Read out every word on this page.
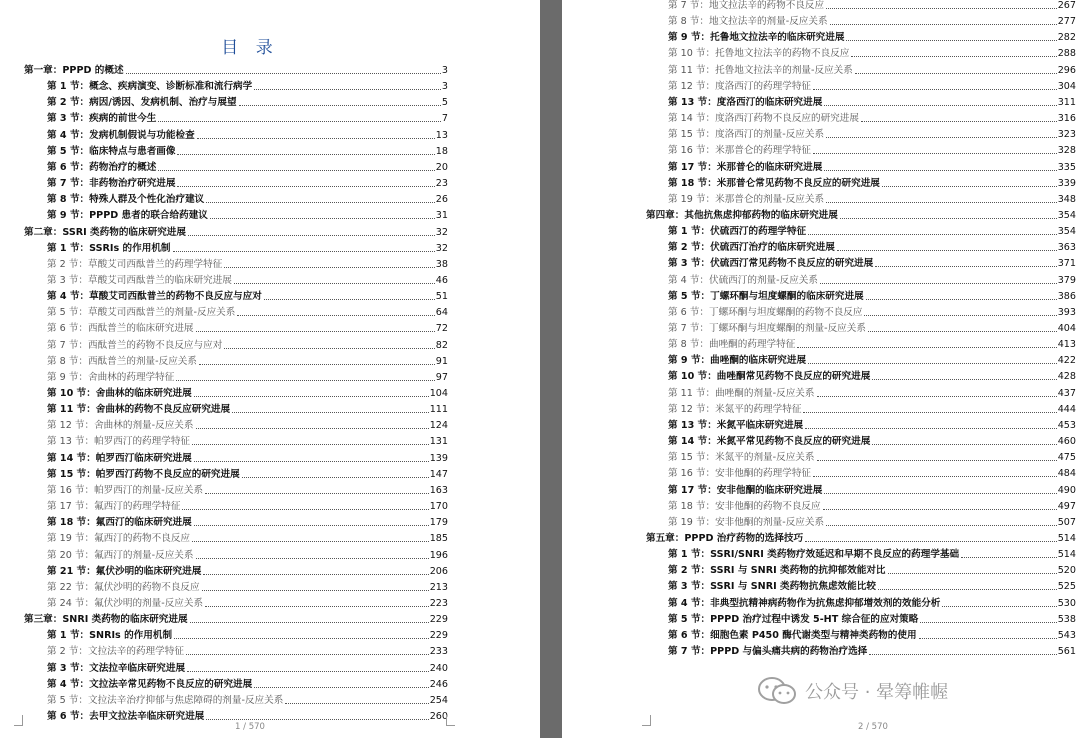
目 录
第一章：PPPD 的概述	3
第 1 节：概念、疾病演变、诊断标准和流行病学	3
第 2 节：病因/诱因、发病机制、治疗与展望	5
第 3 节：疾病的前世今生	7
第 4 节：发病机制假说与功能检查	13
第 5 节：临床特点与患者画像	18
第 6 节：药物治疗的概述	20
第 7 节：非药物治疗研究进展	23
第 8 节：特殊人群及个性化治疗建议	26
第 9 节：PPPD 患者的联合给药建议	31
第二章：SSRI 类药物的临床研究进展	32
第 1 节：SSRIs 的作用机制	32
第 2 节：草酸艾司西酞普兰的药理学特征	38
第 3 节：草酸艾司西酞普兰的临床研究进展	46
第 4 节：草酸艾司西酞普兰的药物不良反应与应对	51
第 5 节：草酸艾司西酞普兰的剂量-反应关系	64
第 6 节：西酞普兰的临床研究进展	72
第 7 节：西酞普兰的药物不良反应与应对	82
第 8 节：西酞普兰的剂量-反应关系	91
第 9 节：舍曲林的药理学特征	97
第 10 节：舍曲林的临床研究进展	104
第 11 节：舍曲林的药物不良反应研究进展	111
第 12 节：舍曲林的剂量-反应关系	124
第 13 节：帕罗西汀的药理学特征	131
第 14 节：帕罗西汀临床研究进展	139
第 15 节：帕罗西汀药物不良反应的研究进展	147
第 16 节：帕罗西汀的剂量-反应关系	163
第 17 节：氟西汀的药理学特征	170
第 18 节：氟西汀的临床研究进展	179
第 19 节：氟西汀的药物不良反应	185
第 20 节：氟西汀的剂量-反应关系	196
第 21 节：氟伏沙明的临床研究进展	206
第 22 节：氟伏沙明的药物不良反应	213
第 24 节：氟伏沙明的剂量-反应关系	223
第三章：SNRI 类药物的临床研究进展	229
第 1 节：SNRIs 的作用机制	229
第 2 节：文拉法辛的药理学特征	233
第 3 节：文法拉辛临床研究进展	240
第 4 节：文拉法辛常见药物不良反应的研究进展	246
第 5 节：文拉法辛治疗抑郁与焦虑障碍的剂量-反应关系	254
第 6 节：去甲文拉法辛临床研究进展	260
1 / 570
第 7 节：地文拉法辛的药物不良反应	267
第 8 节：地文拉法辛的剂量-反应关系	277
第 9 节：托鲁地文拉法辛的临床研究进展	282
第 10 节：托鲁地文拉法辛的药物不良反应	288
第 11 节：托鲁地文拉法辛的剂量-反应关系	296
第 12 节：度洛西汀的药理学特征	304
第 13 节：度洛西汀的临床研究进展	311
第 14 节：度洛西汀药物不良反应的研究进展	316
第 15 节：度洛西汀的剂量-反应关系	323
第 16 节：米那普仑的药理学特征	328
第 17 节：米那普仑的临床研究进展	335
第 18 节：米那普仑常见药物不良反应的研究进展	339
第 19 节：米那普仑的剂量-反应关系	348
第四章：其他抗焦虑抑郁药物的临床研究进展	354
第 1 节：伏硫西汀的药理学特征	354
第 2 节：伏硫西汀治疗的临床研究进展	363
第 3 节：伏硫西汀常见药物不良反应的研究进展	371
第 4 节：伏硫西汀的剂量-反应关系	379
第 5 节：丁螺环酮与坦度螺酮的临床研究进展	386
第 6 节：丁螺环酮与坦度螺酮的药物不良反应	393
第 7 节：丁螺环酮与坦度螺酮的剂量-反应关系	404
第 8 节：曲唑酮的药理学特征	413
第 9 节：曲唑酮的临床研究进展	422
第 10 节：曲唑酮常见药物不良反应的研究进展	428
第 11 节：曲唑酮的剂量-反应关系	437
第 12 节：米氮平的药理学特征	444
第 13 节：米氮平临床研究进展	453
第 14 节：米氮平常见药物不良反应的研究进展	460
第 15 节：米氮平的剂量-反应关系	475
第 16 节：安非他酮的药理学特征	484
第 17 节：安非他酮的临床研究进展	490
第 18 节：安非他酮的药物不良反应	497
第 19 节：安非他酮的剂量-反应关系	507
第五章：PPPD 治疗药物的选择技巧	514
第 1 节：SSRI/SNRI 类药物疗效延迟和早期不良反应的药理学基础	514
第 2 节：SSRI 与 SNRI 类药物的抗抑郁效能对比	520
第 3 节：SSRI 与 SNRI 类药物抗焦虑效能比较	525
第 4 节：非典型抗精神病药物作为抗焦虑抑郁增效剂的效能分析	530
第 5 节：PPPD 治疗过程中诱发 5-HT 综合征的应对策略	538
第 6 节：细胞色素 P450 酶代谢类型与精神类药物的使用	543
第 7 节：PPPD 与偏头痛共病的药物治疗选择	561
2 / 570
公众号 · 晕筹帷幄
